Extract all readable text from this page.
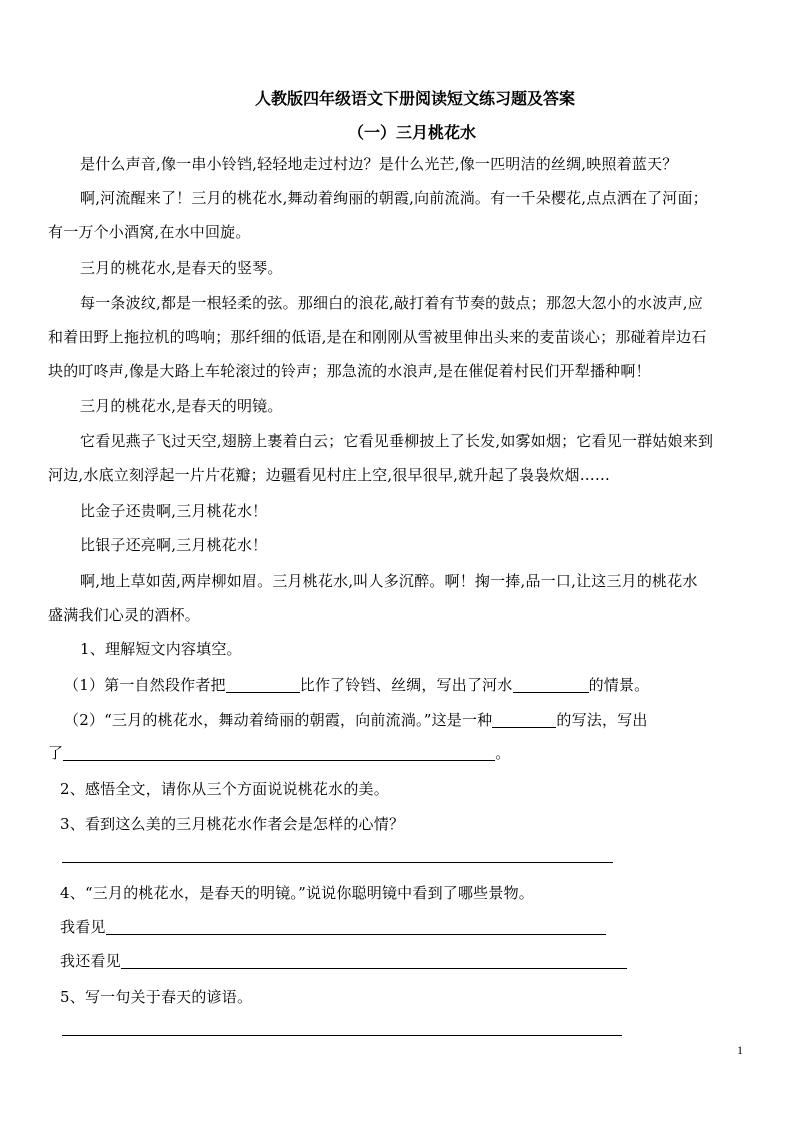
人教版四年级语文下册阅读短文练习题及答案
（一）三月桃花水
是什么声音,像一串小铃铛,轻轻地走过村边？是什么光芒,像一匹明洁的丝绸,映照着蓝天？
啊,河流醒来了！三月的桃花水,舞动着绚丽的朝霞,向前流淌。有一千朵樱花,点点洒在了河面；
有一万个小酒窝,在水中回旋。
三月的桃花水,是春天的竖琴。
每一条波纹,都是一根轻柔的弦。那细白的浪花,敲打着有节奏的鼓点；那忽大忽小的水波声,应
和着田野上拖拉机的鸣响；那纤细的低语,是在和刚刚从雪被里伸出头来的麦苗谈心；那碰着岸边石
块的叮咚声,像是大路上车轮滚过的铃声；那急流的水浪声,是在催促着村民们开犁播种啊！
三月的桃花水,是春天的明镜。
它看见燕子飞过天空,翅膀上裹着白云；它看见垂柳披上了长发,如雾如烟；它看见一群姑娘来到
河边,水底立刻浮起一片片花瓣；边疆看见村庄上空,很早很早,就升起了袅袅炊烟……
比金子还贵啊,三月桃花水！
比银子还亮啊,三月桃花水！
啊,地上草如茵,两岸柳如眉。三月桃花水,叫人多沉醉。啊！掬一捧,品一口,让这三月的桃花水
盛满我们心灵的酒杯。
1、理解短文内容填空。
（1）第一自然段作者把	比作了铃铛、丝绸，写出了河水	的情景。
（2）“三月的桃花水，舞动着绮丽的朝霞，向前流淌。”这是一种	的写法，写出
了	。
2、感悟全文，请你从三个方面说说桃花水的美。
3、看到这么美的三月桃花水作者会是怎样的心情？
4、“三月的桃花水，是春天的明镜。”说说你聪明镜中看到了哪些景物。
我看见
我还看见
5、写一句关于春天的谚语。
1
